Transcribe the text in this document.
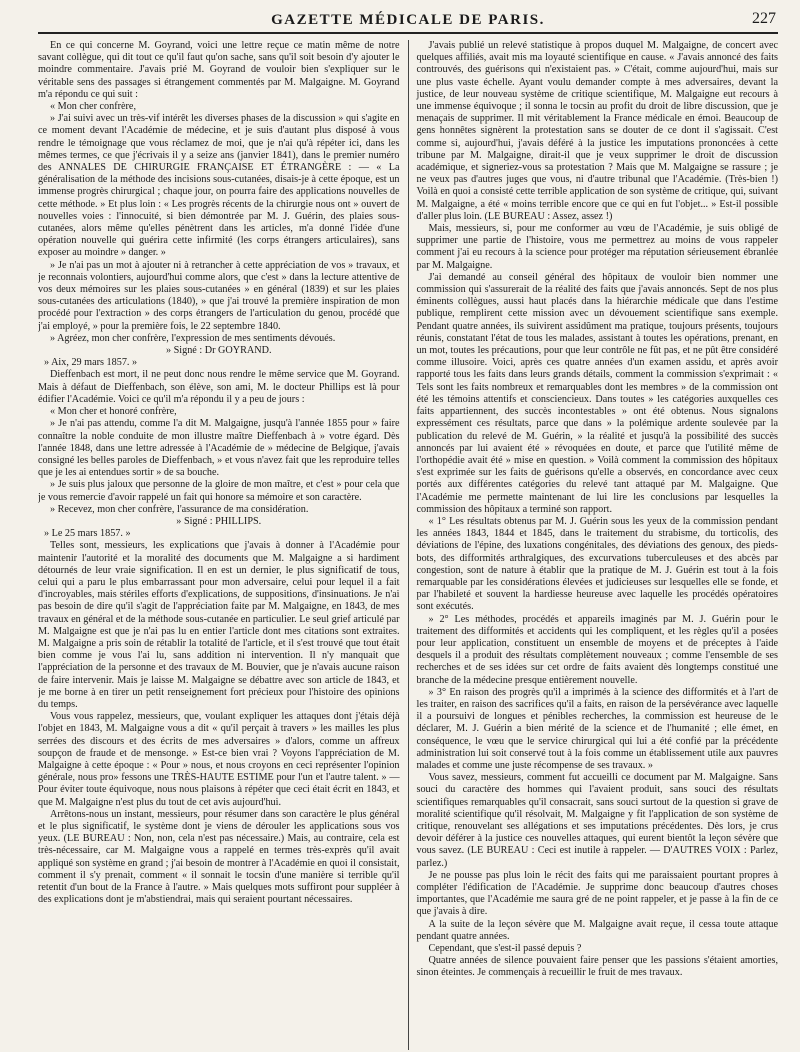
GAZETTE MÉDICALE DE PARIS.	227

En ce qui concerne M. Goyrand, voici une lettre reçue ce matin même de notre savant collègue, qui dit tout ce qu'il faut qu'on sache, sans qu'il soit besoin d'y ajouter le moindre commentaire. J'avais prié M. Goyrand de vouloir bien s'expliquer sur le véritable sens des passages si étrangement commentés par M. Malgaigne. M. Goyrand m'a répondu ce qui suit :

« Mon cher confrère,

» J'ai suivi avec un très-vif intérêt les diverses phases de la discussion » qui s'agite en ce moment devant l'Académie de médecine, et je suis d'autant plus disposé à vous rendre le témoignage que vous réclamez de moi, que je n'ai qu'à répéter ici, dans les mêmes termes, ce que j'écrivais il y a seize ans (janvier 1841), dans le premier numéro des ANNALES DE CHIRURGIE FRANÇAISE ET ÉTRANGÈRE : — « La généralisation de la méthode des incisions sous-cutanées, disais-je à cette époque, est un immense progrès chirurgical ; chaque jour, on pourra faire des applications nouvelles de cette méthode. » Et plus loin : « Les progrès récents de la chirurgie nous ont » ouvert de nouvelles voies : l'innocuité, si bien démontrée par M. J. Guérin, des plaies sous-cutanées, alors même qu'elles pénètrent dans les articles, m'a donné l'idée d'une opération nouvelle qui guérira cette infirmité (les corps étrangers articulaires), sans exposer au moindre » danger. »

» Je n'ai pas un mot à ajouter ni à retrancher à cette appréciation de vos » travaux, et je reconnais volontiers, aujourd'hui comme alors, que c'est » dans la lecture attentive de vos deux mémoires sur les plaies sous-cutanées » en général (1839) et sur les plaies sous-cutanées des articulations (1840), » que j'ai trouvé la première inspiration de mon procédé pour l'extraction » des corps étrangers de l'articulation du genou, procédé que j'ai employé, » pour la première fois, le 22 septembre 1840.

» Agréez, mon cher confrère, l'expression de mes sentiments dévoués.

» Signé : Dr GOYRAND.

» Aix, 29 mars 1857. »

Dieffenbach est mort, il ne peut donc nous rendre le même service que M. Goyrand. Mais à défaut de Dieffenbach, son élève, son ami, M. le docteur Phillips est là pour édifier l'Académie. Voici ce qu'il m'a répondu il y a peu de jours :

« Mon cher et honoré confrère,

» Je n'ai pas attendu, comme l'a dit M. Malgaigne, jusqu'à l'année 1855 pour » faire connaître la noble conduite de mon illustre maître Dieffenbach à » votre égard. Dès l'année 1848, dans une lettre adressée à l'Académie de » médecine de Belgique, j'avais consigné les belles paroles de Dieffenbach, » et vous n'avez fait que les reproduire telles que je les ai entendues sortir » de sa bouche.

» Je suis plus jaloux que personne de la gloire de mon maître, et c'est » pour cela que je vous remercie d'avoir rappelé un fait qui honore sa mémoire et son caractère.

» Recevez, mon cher confrère, l'assurance de ma considération.

» Signé : PHILLIPS.

» Le 25 mars 1857. »

Telles sont, messieurs, les explications que j'avais à donner à l'Académie pour maintenir l'autorité et la moralité des documents que M. Malgaigne a si hardiment détournés de leur vraie signification. Il en est un dernier, le plus significatif de tous, celui qui a paru le plus embarrassant pour mon adversaire, celui pour lequel il a fait d'incroyables, mais stériles efforts d'explications, de suppositions, d'insinuations. Je n'ai pas besoin de dire qu'il s'agit de l'appréciation faite par M. Malgaigne, en 1843, de mes travaux en général et de la méthode sous-cutanée en particulier. Le seul grief articulé par M. Malgaigne est que je n'ai pas lu en entier l'article dont mes citations sont extraites. M. Malgaigne a pris soin de rétablir la totalité de l'article, et il s'est trouvé que tout était bien comme je vous l'ai lu, sans addition ni intervention. Il n'y manquait que l'appréciation de la personne et des travaux de M. Bouvier, que je n'avais aucune raison de faire intervenir. Mais je laisse M. Malgaigne se débattre avec son article de 1843, et je me borne à en tirer un petit renseignement fort précieux pour l'histoire des opinions du temps.

Vous vous rappelez, messieurs, que, voulant expliquer les attaques dont j'étais déjà l'objet en 1843, M. Malgaigne vous a dit « qu'il perçait à travers » les mailles les plus serrées des discours et des écrits de mes adversaires » d'alors, comme un affreux soupçon de fraude et de mensonge. » Est-ce bien vrai ? Voyons l'appréciation de M. Malgaigne à cette époque : « Pour » nous, et nous croyons en ceci représenter l'opinion générale, nous pro» fessons une TRÈS-HAUTE ESTIME pour l'un et l'autre talent. » — Pour éviter toute équivoque, nous nous plaisons à répéter que ceci était écrit en 1843, et que M. Malgaigne n'est plus du tout de cet avis aujourd'hui.

Arrêtons-nous un instant, messieurs, pour résumer dans son caractère le plus général et le plus significatif, le système dont je viens de dérouler les applications sous vos yeux. (LE BUREAU : Non, non, cela n'est pas nécessaire.) Mais, au contraire, cela est très-nécessaire, car M. Malgaigne vous a rappelé en termes très-exprès qu'il avait appliqué son système en grand ; j'ai besoin de montrer à l'Académie en quoi il consistait, comment il s'y prenait, comment « il sonnait le tocsin d'une manière si terrible qu'il retentit d'un bout de la France à l'autre. » Mais quelques mots suffiront pour suppléer à des explications dont je m'abstiendrai, mais qui seraient pourtant nécessaires.

J'avais publié un relevé statistique à propos duquel M. Malgaigne, de concert avec quelques affiliés, avait mis ma loyauté scientifique en cause. « J'avais annoncé des faits controuvés, des guérisons qui n'existaient pas. » C'était, comme aujourd'hui, mais sur une plus vaste échelle. Ayant voulu demander compte à mes adversaires, devant la justice, de leur nouveau système de critique scientifique, M. Malgaigne eut recours à une immense équivoque ; il sonna le tocsin au profit du droit de libre discussion, que je menaçais de supprimer. Il mit véritablement la France médicale en émoi. Beaucoup de gens honnêtes signèrent la protestation sans se douter de ce dont il s'agissait. C'est comme si, aujourd'hui, j'avais déféré à la justice les imputations prononcées à cette tribune par M. Malgaigne, dirait-il que je veux supprimer le droit de discussion académique, et signeriez-vous sa protestation ? Mais que M. Malgaigne se rassure ; je ne veux pas d'autres juges que vous, ni d'autre tribunal que l'Académie. (Très-bien !) Voilà en quoi a consisté cette terrible application de son système de critique, qui, suivant M. Malgaigne, a été « moins terrible encore que ce qui en fut l'objet... » Est-il possible d'aller plus loin. (LE BUREAU : Assez, assez !)

Mais, messieurs, si, pour me conformer au vœu de l'Académie, je suis obligé de supprimer une partie de l'histoire, vous me permettrez au moins de vous rappeler comment j'ai eu recours à la science pour protéger ma réputation sérieusement ébranlée par M. Malgaigne.

J'ai demandé au conseil général des hôpitaux de vouloir bien nommer une commission qui s'assurerait de la réalité des faits que j'avais annoncés. Sept de nos plus éminents collègues, aussi haut placés dans la hiérarchie médicale que dans l'estime publique, remplirent cette mission avec un dévouement scientifique sans exemple. Pendant quatre années, ils suivirent assidûment ma pratique, toujours présents, toujours réunis, constatant l'état de tous les malades, assistant à toutes les opérations, prenant, en un mot, toutes les précautions, pour que leur contrôle ne fût pas, et ne pût être considéré comme illusoire. Voici, après ces quatre années d'un examen assidu, et après avoir rapporté tous les faits dans leurs grands détails, comment la commission s'exprimait : « Tels sont les faits nombreux et remarquables dont les membres » de la commission ont été les témoins attentifs et consciencieux. Dans toutes » les catégories auxquelles ces faits appartiennent, des succès incontestables » ont été obtenus. Nous signalons expressément ces résultats, parce que dans » la polémique ardente soulevée par la publication du relevé de M. Guérin, » la réalité et jusqu'à la possibilité des succès annoncés par lui avaient été » révoquées en doute, et parce que l'utilité même de l'orthopédie avait été » mise en question. » Voilà comment la commission des hôpitaux s'est exprimée sur les faits de guérisons qu'elle a observés, en concordance avec ceux portés aux différentes catégories du relevé tant attaqué par M. Malgaigne. Que l'Académie me permette maintenant de lui lire les conclusions par lesquelles la commission des hôpitaux a terminé son rapport.

« 1° Les résultats obtenus par M. J. Guérin sous les yeux de la commission pendant les années 1843, 1844 et 1845, dans le traitement du strabisme, du torticolis, des déviations de l'épine, des luxations congénitales, des déviations des genoux, des pieds-bots, des difformités arthralgiques, des excurvations tuberculeuses et des abcès par congestion, sont de nature à établir que la pratique de M. J. Guérin est tout à la fois remarquable par les considérations élevées et judicieuses sur lesquelles elle se fonde, et par l'habileté et souvent la hardiesse heureuse avec laquelle les procédés opératoires sont exécutés.

» 2° Les méthodes, procédés et appareils imaginés par M. J. Guérin pour le traitement des difformités et accidents qui les compliquent, et les règles qu'il a posées pour leur application, constituent un ensemble de moyens et de préceptes à l'aide desquels il a produit des résultats complètement nouveaux ; comme l'ensemble de ses recherches et de ses idées sur cet ordre de faits avaient dès longtemps constitué une branche de la médecine presque entièrement nouvelle.

» 3° En raison des progrès qu'il a imprimés à la science des difformités et à l'art de les traiter, en raison des sacrifices qu'il a faits, en raison de la persévérance avec laquelle il a poursuivi de longues et pénibles recherches, la commission est heureuse de le déclarer, M. J. Guérin a bien mérité de la science et de l'humanité ; elle émet, en conséquence, le vœu que le service chirurgical qui lui a été confié par la précédente administration lui soit conservé tout à la fois comme un établissement utile aux pauvres malades et comme une juste récompense de ses travaux. »

Vous savez, messieurs, comment fut accueilli ce document par M. Malgaigne. Sans souci du caractère des hommes qui l'avaient produit, sans souci des résultats scientifiques remarquables qu'il consacrait, sans souci surtout de la question si grave de moralité scientifique qu'il résolvait, M. Malgaigne y fit l'application de son système de critique, renouvelant ses allégations et ses imputations précédentes. Dès lors, je crus devoir déférer à la justice ces nouvelles attaques, qui eurent bientôt la leçon sévère que vous savez. (LE BUREAU : Ceci est inutile à rappeler. — D'AUTRES VOIX : Parlez, parlez.)

Je ne pousse pas plus loin le récit des faits qui me paraissaient pourtant propres à compléter l'édification de l'Académie. Je supprime donc beaucoup d'autres choses importantes, que l'Académie me saura gré de ne point rappeler, et je passe à la fin de ce que j'avais à dire.

A la suite de la leçon sévère que M. Malgaigne avait reçue, il cessa toute attaque pendant quatre années.

Cependant, que s'est-il passé depuis ?

Quatre années de silence pouvaient faire penser que les passions s'étaient amorties, sinon éteintes. Je commençais à recueillir le fruit de mes travaux.
